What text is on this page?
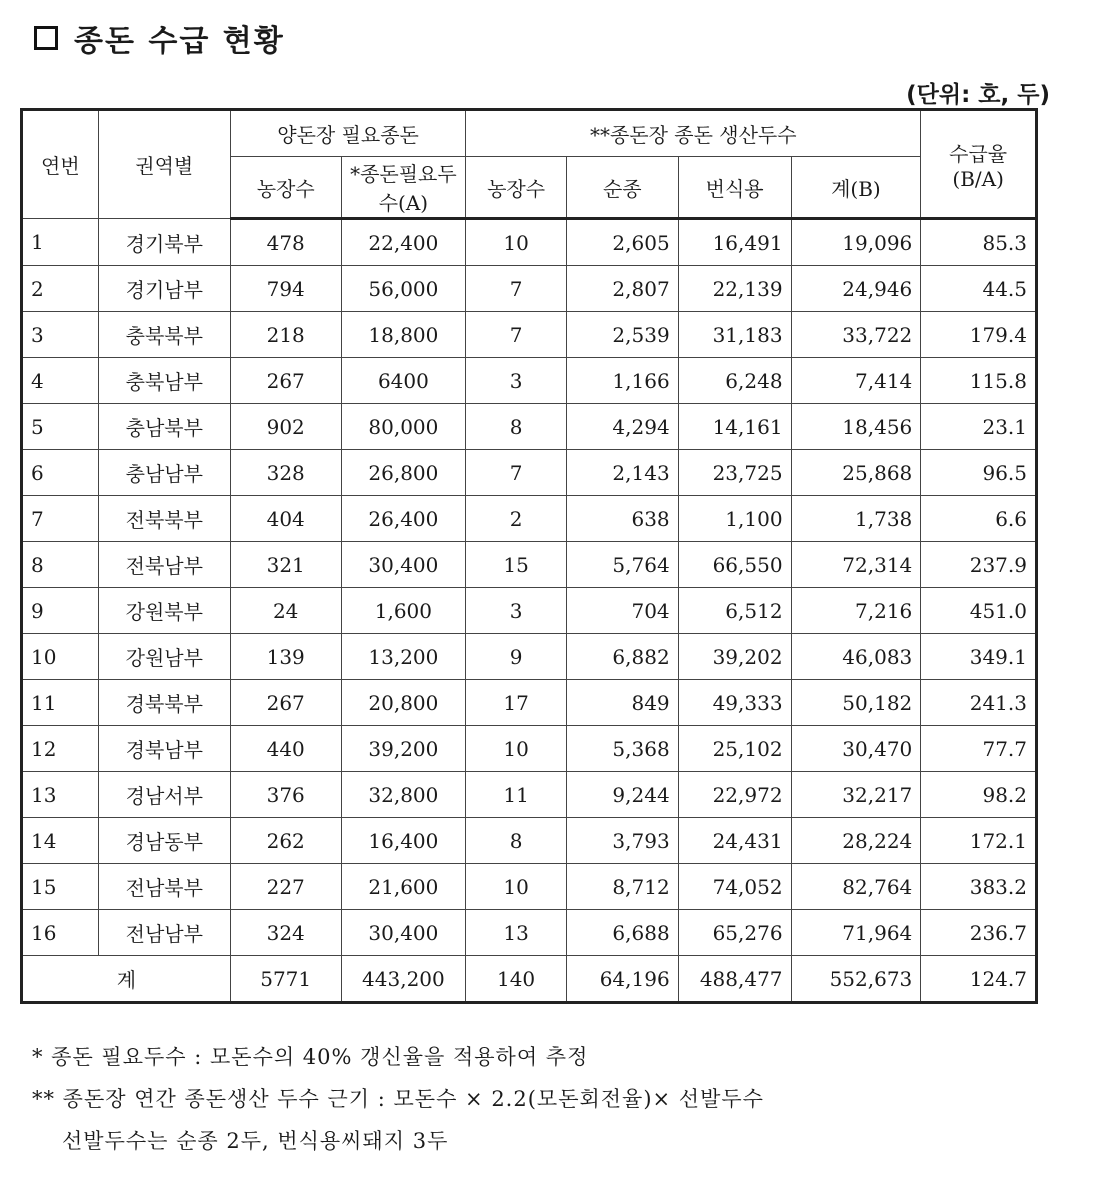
종돈 수급 현황
(단위: 호, 두)
연번	권역별	양돈장 필요종돈		**종돈장 종돈 생산두수				수급율 (B/A)
		농장수	*종돈필요두수(A)	농장수	순종	번식용	계(B)	
1	경기북부	478	22,400	10	2,605	16,491	19,096	85.3
2	경기남부	794	56,000	7	2,807	22,139	24,946	44.5
3	충북북부	218	18,800	7	2,539	31,183	33,722	179.4
4	충북남부	267	6400	3	1,166	6,248	7,414	115.8
5	충남북부	902	80,000	8	4,294	14,161	18,456	23.1
6	충남남부	328	26,800	7	2,143	23,725	25,868	96.5
7	전북북부	404	26,400	2	638	1,100	1,738	6.6
8	전북남부	321	30,400	15	5,764	66,550	72,314	237.9
9	강원북부	24	1,600	3	704	6,512	7,216	451.0
10	강원남부	139	13,200	9	6,882	39,202	46,083	349.1
11	경북북부	267	20,800	17	849	49,333	50,182	241.3
12	경북남부	440	39,200	10	5,368	25,102	30,470	77.7
13	경남서부	376	32,800	11	9,244	22,972	32,217	98.2
14	경남동부	262	16,400	8	3,793	24,431	28,224	172.1
15	전남북부	227	21,600	10	8,712	74,052	82,764	383.2
16	전남남부	324	30,400	13	6,688	65,276	71,964	236.7
계		5771	443,200	140	64,196	488,477	552,673	124.7
* 종돈 필요두수 : 모돈수의 40% 갱신율을 적용하여 추정
** 종돈장 연간 종돈생산 두수 근기 : 모돈수 × 2.2(모돈회전율)× 선발두수
선발두수는 순종 2두, 번식용씨돼지 3두
